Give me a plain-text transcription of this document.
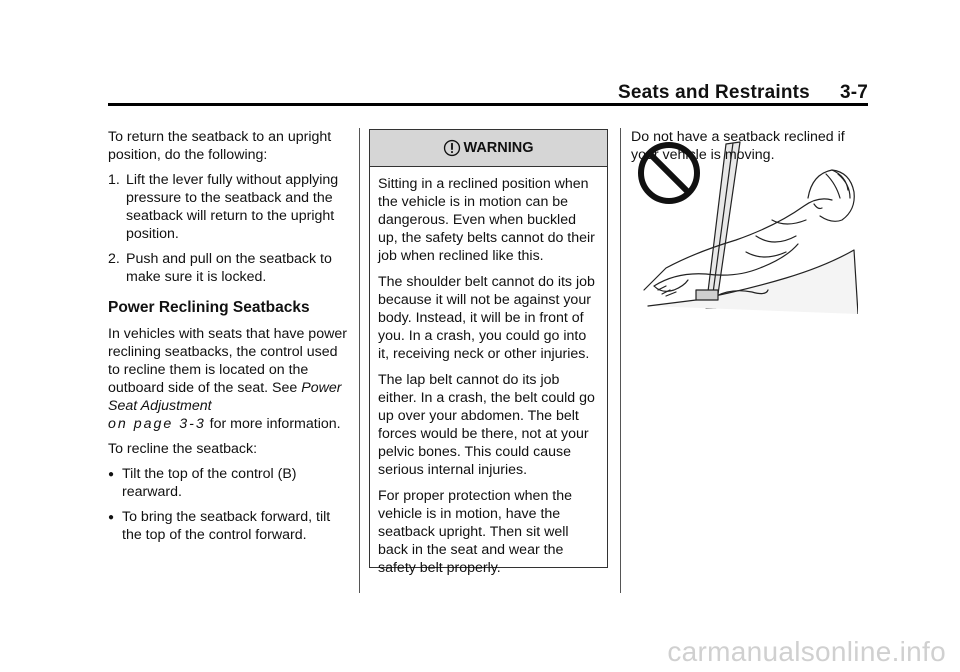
Seats and Restraints 3-7

To return the seatback to an upright position, do the following:

1. Lift the lever fully without applying pressure to the seatback and the seatback will return to the upright position.
2. Push and pull on the seatback to make sure it is locked.
Power Reclining Seatbacks

In vehicles with seats that have power reclining seatbacks, the control used to recline them is located on the outboard side of the seat. See Power Seat Adjustment
on page 3‑3 for more information.

To recline the seatback:

● Tilt the top of the control (B) rearward.
● To bring the seatback forward, tilt the top of the control forward.
WARNING

Sitting in a reclined position when the vehicle is in motion can be dangerous. Even when buckled up, the safety belts cannot do their job when reclined like this.

The shoulder belt cannot do its job because it will not be against your body. Instead, it will be in front of you. In a crash, you could go into it, receiving neck or other injuries.

The lap belt cannot do its job either. In a crash, the belt could go up over your abdomen. The belt forces would be there, not at your pelvic bones. This could cause serious internal injuries.

For proper protection when the vehicle is in motion, have the seatback upright. Then sit well back in the seat and wear the safety belt properly.

Do not have a seatback reclined if your vehicle is moving.

carmanualsonline.info
